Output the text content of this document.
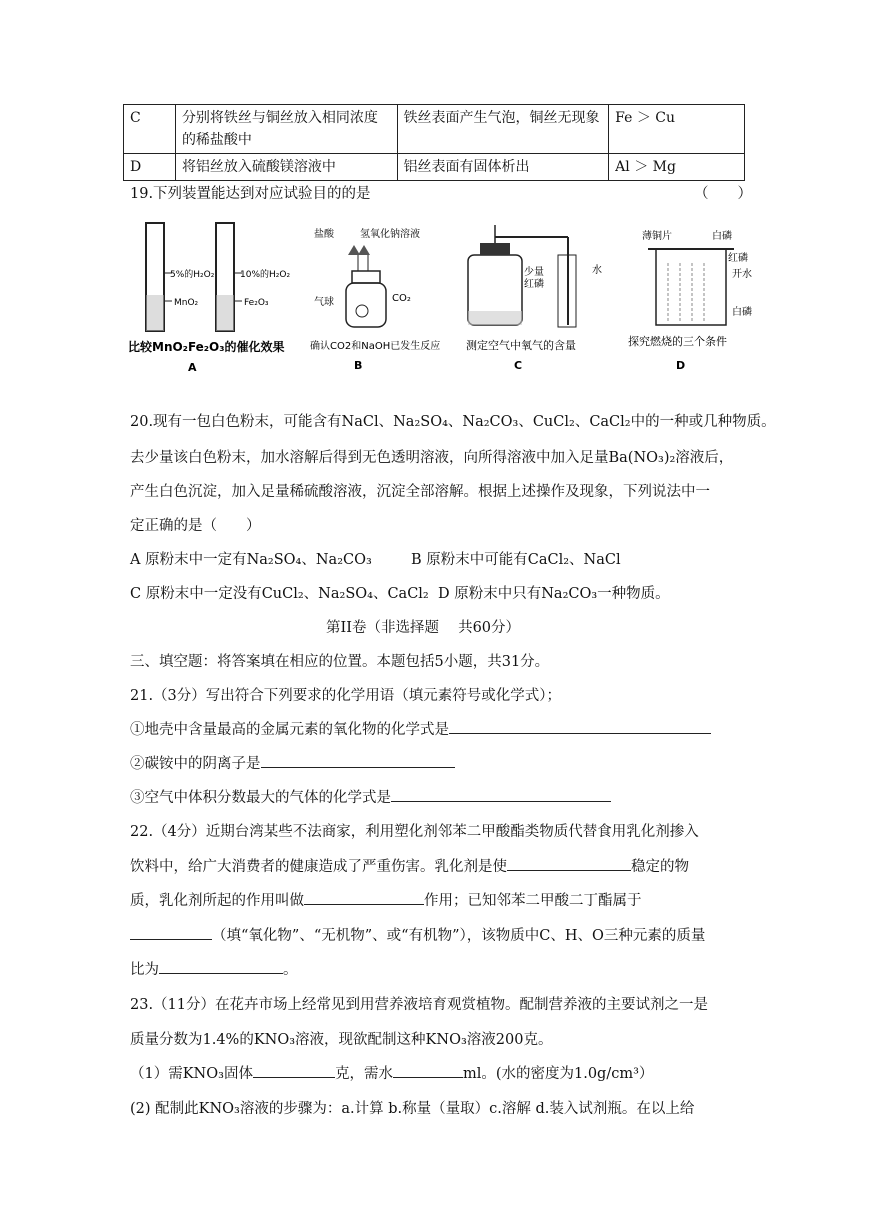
C	分别将铁丝与铜丝放入相同浓度的稀盐酸中	铁丝表面产生气泡，铜丝无现象	Fe ＞ Cu
D	将铝丝放入硫酸镁溶液中	铝丝表面有固体析出	Al ＞ Mg
19.下列装置能达到对应试验目的的是	（　　）
5%的H₂O₂
MnO₂
10%的H₂O₂
Fe₂O₃
比较MnO₂Fe₂O₃的催化效果
A
盐酸	氢氧化钠溶液
气球	CO₂
确认CO2和NaOH已发生反应
B
少量
红磷
水
测定空气中氧气的含量
C
薄铜片	白磷
红磷
开水
白磷
探究燃烧的三个条件
D
20.现有一包白色粉末，可能含有NaCl、Na₂SO₄、Na₂CO₃、CuCl₂、CaCl₂中的一种或几种物质。
去少量该白色粉末，加水溶解后得到无色透明溶液，向所得溶液中加入足量Ba(NO₃)₂溶液后，
产生白色沉淀，加入足量稀硫酸溶液，沉淀全部溶解。根据上述操作及现象，下列说法中一
定正确的是（　　）
A 原粉末中一定有Na₂SO₄、Na₂CO₃	B 原粉末中可能有CaCl₂、NaCl
C 原粉末中一定没有CuCl₂、Na₂SO₄、CaCl₂ D 原粉末中只有Na₂CO₃一种物质。
第II卷（非选择题　 共60分）
三、填空题：将答案填在相应的位置。本题包括5小题，共31分。
21.（3分）写出符合下列要求的化学用语（填元素符号或化学式）；
①地壳中含量最高的金属元素的氧化物的化学式是
②碳铵中的阴离子是
③空气中体积分数最大的气体的化学式是
22.（4分）近期台湾某些不法商家，利用塑化剂邻苯二甲酸酯类物质代替食用乳化剂掺入
饮料中，给广大消费者的健康造成了严重伤害。乳化剂是使	稳定的物
质，乳化剂所起的作用叫做	作用；已知邻苯二甲酸二丁酯属于
（填“氧化物”、“无机物”、或“有机物”），该物质中C、H、O三种元素的质量
比为	。
23.（11分）在花卉市场上经常见到用营养液培育观赏植物。配制营养液的主要试剂之一是
质量分数为1.4%的KNO₃溶液，现欲配制这种KNO₃溶液200克。
（1）需KNO₃固体	克，需水	ml。(水的密度为1.0g/cm³）
(2) 配制此KNO₃溶液的步骤为：a.计算 b.称量（量取）c.溶解 d.装入试剂瓶。在以上给
